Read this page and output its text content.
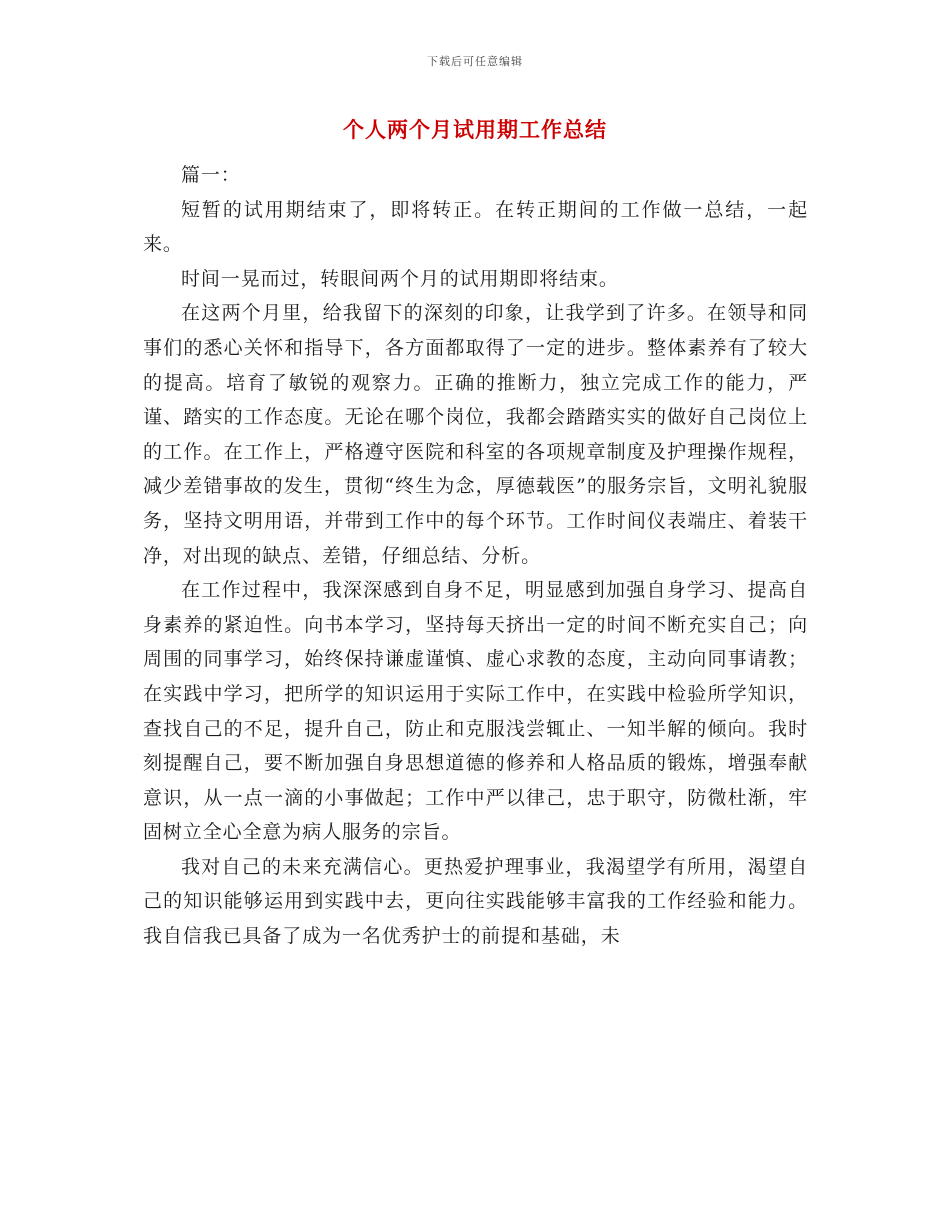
下载后可任意编辑
个人两个月试用期工作总结

篇一：

短暂的试用期结束了，即将转正。在转正期间的工作做一总结，一起来。

时间一晃而过，转眼间两个月的试用期即将结束。

在这两个月里，给我留下的深刻的印象，让我学到了许多。在领导和同事们的悉心关怀和指导下，各方面都取得了一定的进步。整体素养有了较大的提高。培育了敏锐的观察力。正确的推断力，独立完成工作的能力，严谨、踏实的工作态度。无论在哪个岗位，我都会踏踏实实的做好自己岗位上的工作。在工作上，严格遵守医院和科室的各项规章制度及护理操作规程，减少差错事故的发生，贯彻“终生为念，厚德载医”的服务宗旨，文明礼貌服务，坚持文明用语，并带到工作中的每个环节。工作时间仪表端庄、着装干净，对出现的缺点、差错，仔细总结、分析。

在工作过程中，我深深感到自身不足，明显感到加强自身学习、提高自身素养的紧迫性。向书本学习，坚持每天挤出一定的时间不断充实自己；向周围的同事学习，始终保持谦虚谨慎、虚心求教的态度，主动向同事请教；在实践中学习，把所学的知识运用于实际工作中，在实践中检验所学知识，查找自己的不足，提升自己，防止和克服浅尝辄止、一知半解的倾向。我时刻提醒自己，要不断加强自身思想道德的修养和人格品质的锻炼，增强奉献意识，从一点一滴的小事做起；工作中严以律己，忠于职守，防微杜渐，牢固树立全心全意为病人服务的宗旨。

我对自己的未来充满信心。更热爱护理事业，我渴望学有所用，渴望自己的知识能够运用到实践中去，更向往实践能够丰富我的工作经验和能力。我自信我已具备了成为一名优秀护士的前提和基础，未
